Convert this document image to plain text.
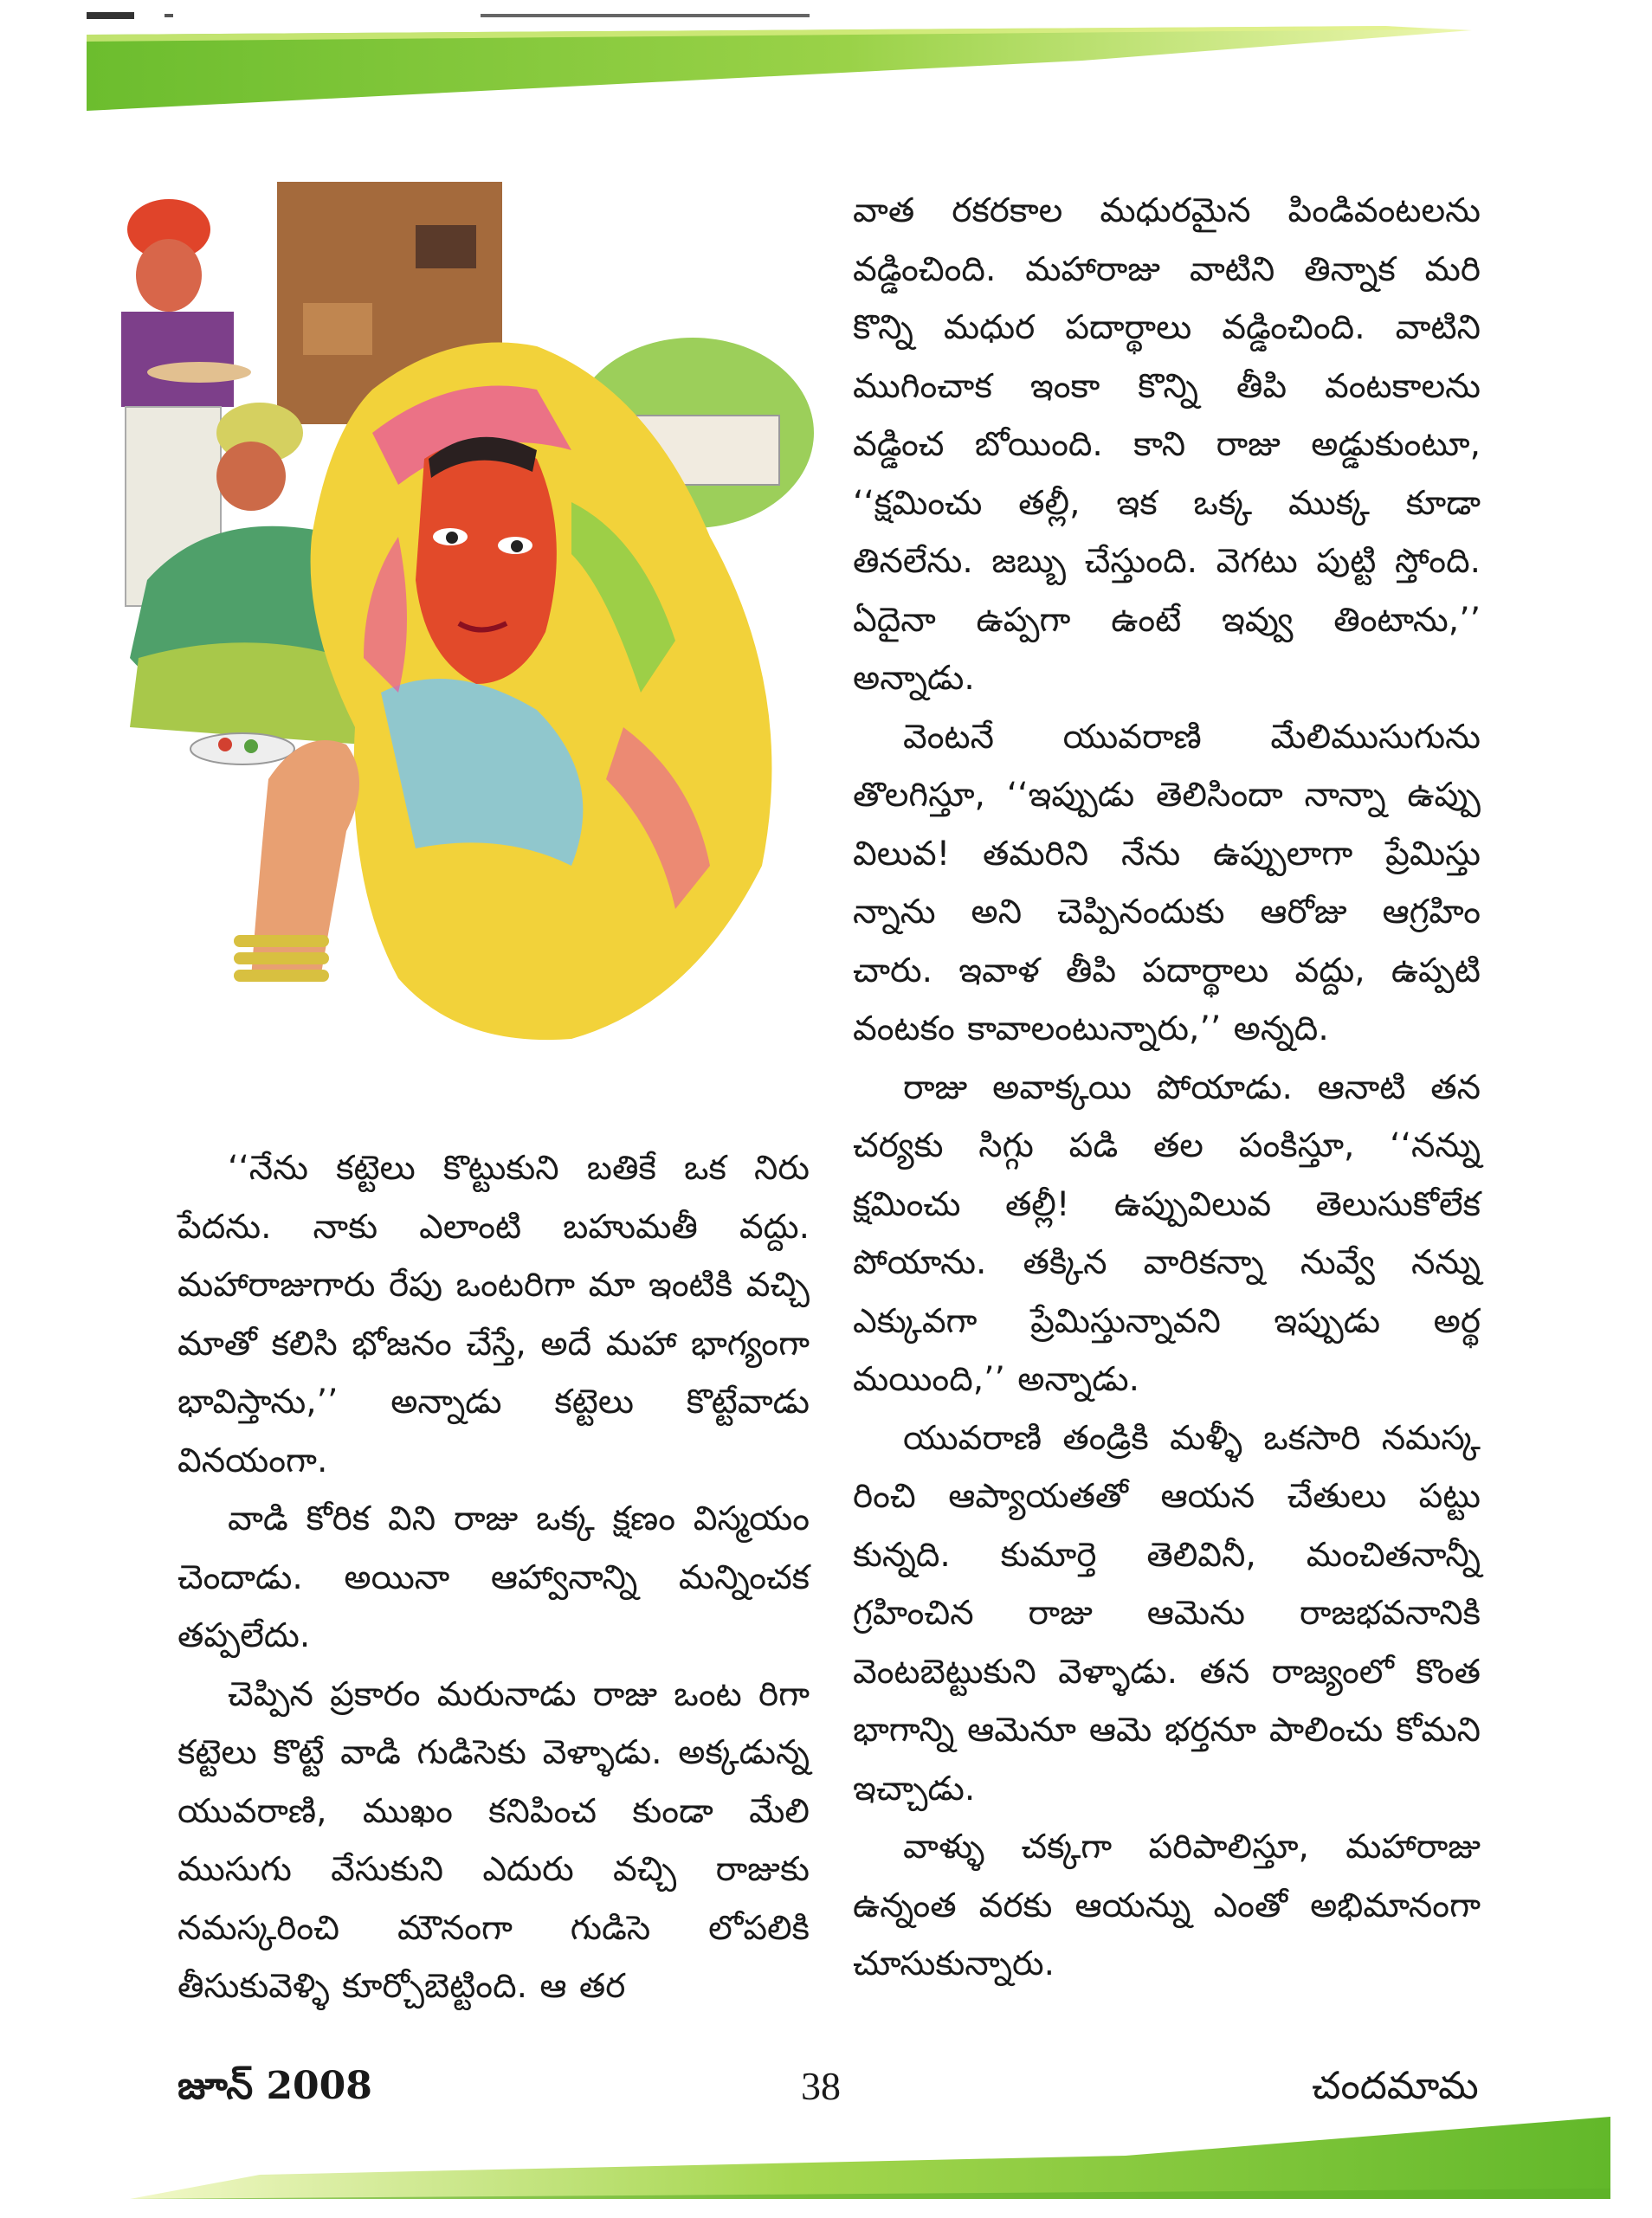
‘‘నేను కట్టెలు కొట్టుకుని బతికే ఒక నిరు పేదను. నాకు ఎలాంటి బహుమతీ వద్దు. మహారాజుగారు రేపు ఒంటరిగా మా ఇంటికి వచ్చి మాతో కలిసి భోజనం చేస్తే, అదే మహా భాగ్యంగా భావిస్తాను,’’ అన్నాడు కట్టెలు కొట్టేవాడు వినయంగా.

వాడి కోరిక విని రాజు ఒక్క క్షణం విస్మయం చెందాడు. అయినా ఆహ్వానాన్ని మన్నించక తప్పలేదు.

చెప్పిన ప్రకారం మరునాడు రాజు ఒంట రిగా కట్టెలు కొట్టే వాడి గుడిసెకు వెళ్ళాడు. అక్కడున్న యువరాణి, ముఖం కనిపించ కుండా మేలి ముసుగు వేసుకుని ఎదురు వచ్చి రాజుకు నమస్కరించి మౌనంగా గుడిసె లోపలికి తీసుకువెళ్ళి కూర్చోబెట్టింది. ఆ తర

వాత రకరకాల మధురమైన పిండివంటలను వడ్డించింది. మహారాజు వాటిని తిన్నాక మరి కొన్ని మధుర పదార్థాలు వడ్డించింది. వాటిని ముగించాక ఇంకా కొన్ని తీపి వంటకాలను వడ్డించ బోయింది. కాని రాజు అడ్డుకుంటూ, ‘‘క్షమించు తల్లీ, ఇక ఒక్క ముక్క కూడా తినలేను. జబ్బు చేస్తుంది. వెగటు పుట్టి స్తోంది. ఏదైనా ఉప్పగా ఉంటే ఇవ్వు తింటాను,’’ అన్నాడు.

వెంటనే యువరాణి మేలిముసుగును తొలగిస్తూ, ‘‘ఇప్పుడు తెలిసిందా నాన్నా ఉప్పు విలువ! తమరిని నేను ఉప్పులాగా ప్రేమిస్తు న్నాను అని చెప్పినందుకు ఆరోజు ఆగ్రహిం చారు. ఇవాళ తీపి పదార్థాలు వద్దు, ఉప్పటి వంటకం కావాలంటున్నారు,’’ అన్నది.

రాజు అవాక్కయి పోయాడు. ఆనాటి తన చర్యకు సిగ్గు పడి తల పంకిస్తూ, ‘‘నన్ను క్షమించు తల్లీ! ఉప్పువిలువ తెలుసుకోలేక పోయాను. తక్కిన వారికన్నా నువ్వే నన్ను ఎక్కువగా ప్రేమిస్తున్నావని ఇప్పుడు అర్థ మయింది,’’ అన్నాడు.

యువరాణి తండ్రికి మళ్ళీ ఒకసారి నమస్క రించి ఆప్యాయతతో ఆయన చేతులు పట్టు కున్నది. కుమార్తె తెలివినీ, మంచితనాన్నీ గ్రహించిన రాజు ఆమెను రాజభవనానికి వెంటబెట్టుకుని వెళ్ళాడు. తన రాజ్యంలో కొంత భాగాన్ని ఆమెనూ ఆమె భర్తనూ పాలించు కోమని ఇచ్చాడు.

వాళ్ళు చక్కగా పరిపాలిస్తూ, మహారాజు ఉన్నంత వరకు ఆయన్ను ఎంతో అభిమానంగా చూసుకున్నారు.

జూన్ 2008	38	చందమామ
